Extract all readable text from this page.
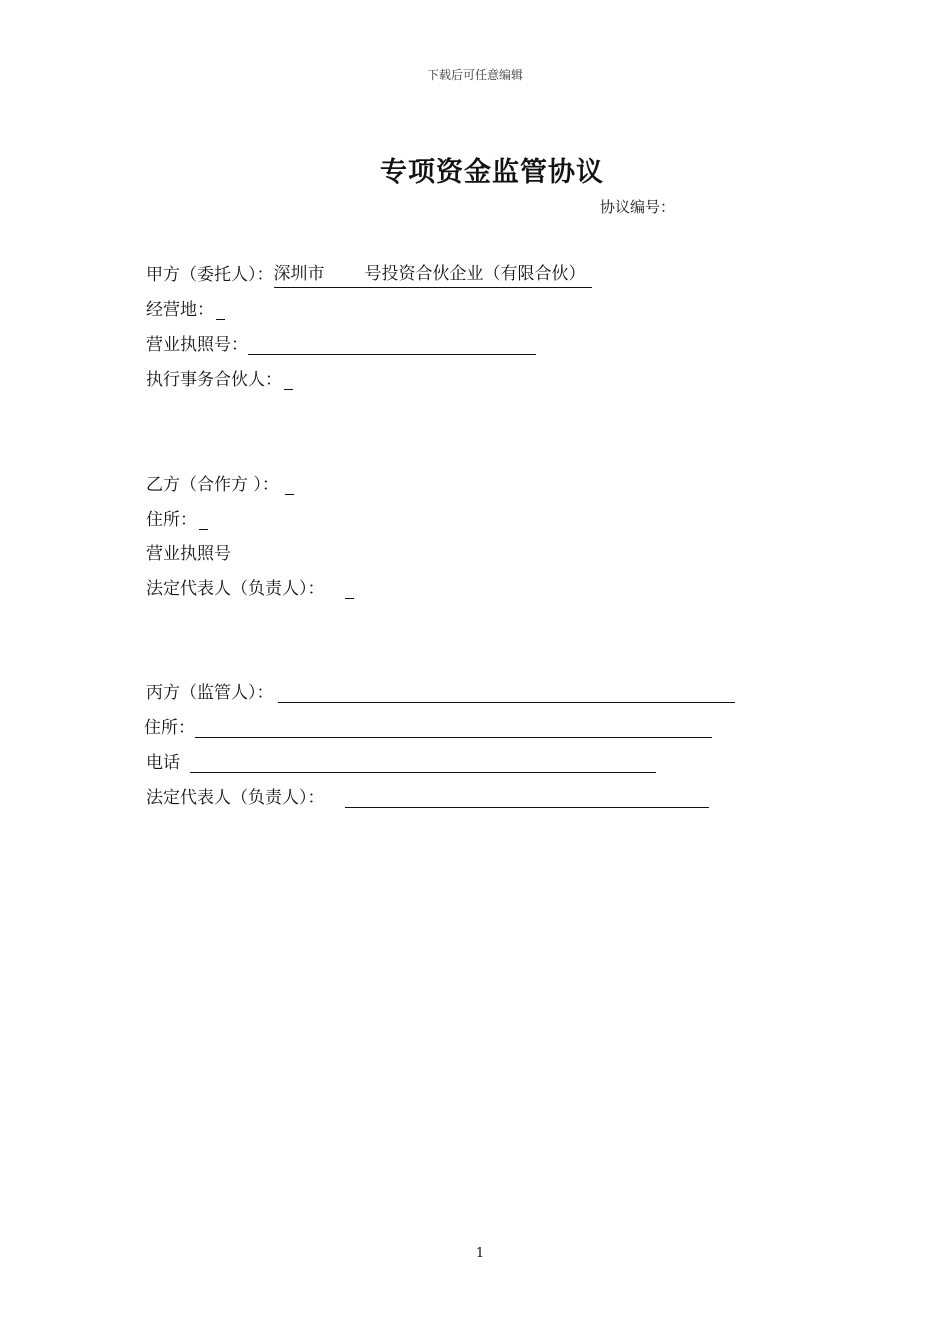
下载后可任意编辑
专项资金监管协议
协议编号：
甲方（委托人）： 深圳市 号投资合伙企业（有限合伙）
经营地：
营业执照号：
执行事务合伙人：
乙方（合作方 ）：
住所：
营业执照号
法定代表人（负责人）：
丙方（监管人）：
住所：
电话
法定代表人（负责人）：
1
